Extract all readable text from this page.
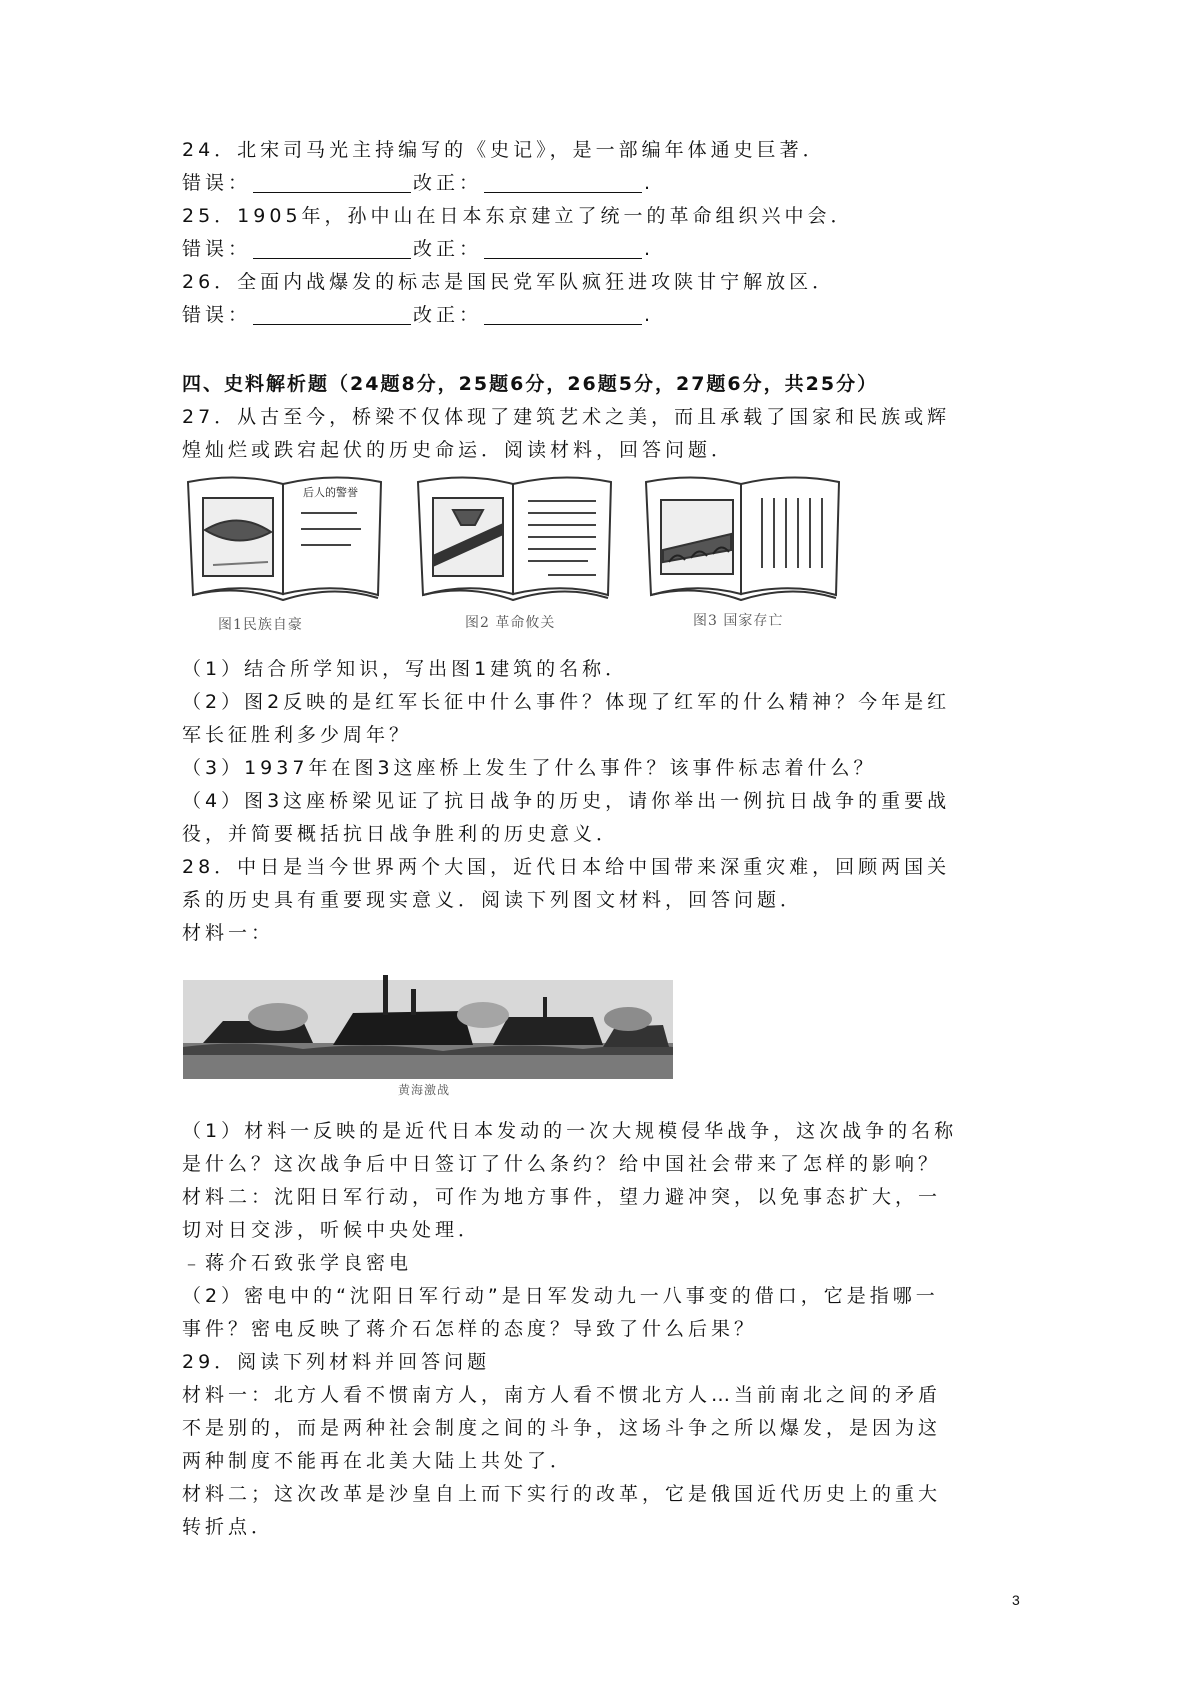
24．北宋司马光主持编写的《史记》，是一部编年体通史巨著．
错误：	改正：	.
25．1905年，孙中山在日本东京建立了统一的革命组织兴中会．
错误：	改正：	.
26．全面内战爆发的标志是国民党军队疯狂进攻陕甘宁解放区．
错误：	改正：	.
四、史料解析题（24题8分，25题6分，26题5分，27题6分，共25分）
27．从古至今，桥梁不仅体现了建筑艺术之美，而且承载了国家和民族或辉
煌灿烂或跌宕起伏的历史命运．阅读材料，回答问题．
后人的警誉
图1民族自豪	图2 革命攸关	图3 国家存亡
（1）结合所学知识，写出图1建筑的名称．
（2）图2反映的是红军长征中什么事件？体现了红军的什么精神？今年是红
军长征胜利多少周年？
（3）1937年在图3这座桥上发生了什么事件？该事件标志着什么？
（4）图3这座桥梁见证了抗日战争的历史，请你举出一例抗日战争的重要战
役，并简要概括抗日战争胜利的历史意义．
28．中日是当今世界两个大国，近代日本给中国带来深重灾难，回顾两国关
系的历史具有重要现实意义．阅读下列图文材料，回答问题．
材料一：
黄海激战
（1）材料一反映的是近代日本发动的一次大规模侵华战争，这次战争的名称
是什么？这次战争后中日签订了什么条约？给中国社会带来了怎样的影响？
材料二：沈阳日军行动，可作为地方事件，望力避冲突，以免事态扩大，一
切对日交涉，听候中央处理．
﹣蒋介石致张学良密电
（2）密电中的“沈阳日军行动”是日军发动九一八事变的借口，它是指哪一
事件？密电反映了蒋介石怎样的态度？导致了什么后果？
29．阅读下列材料并回答问题
材料一：北方人看不惯南方人，南方人看不惯北方人…当前南北之间的矛盾
不是别的，而是两种社会制度之间的斗争，这场斗争之所以爆发，是因为这
两种制度不能再在北美大陆上共处了．
材料二；这次改革是沙皇自上而下实行的改革，它是俄国近代历史上的重大
转折点．
3
